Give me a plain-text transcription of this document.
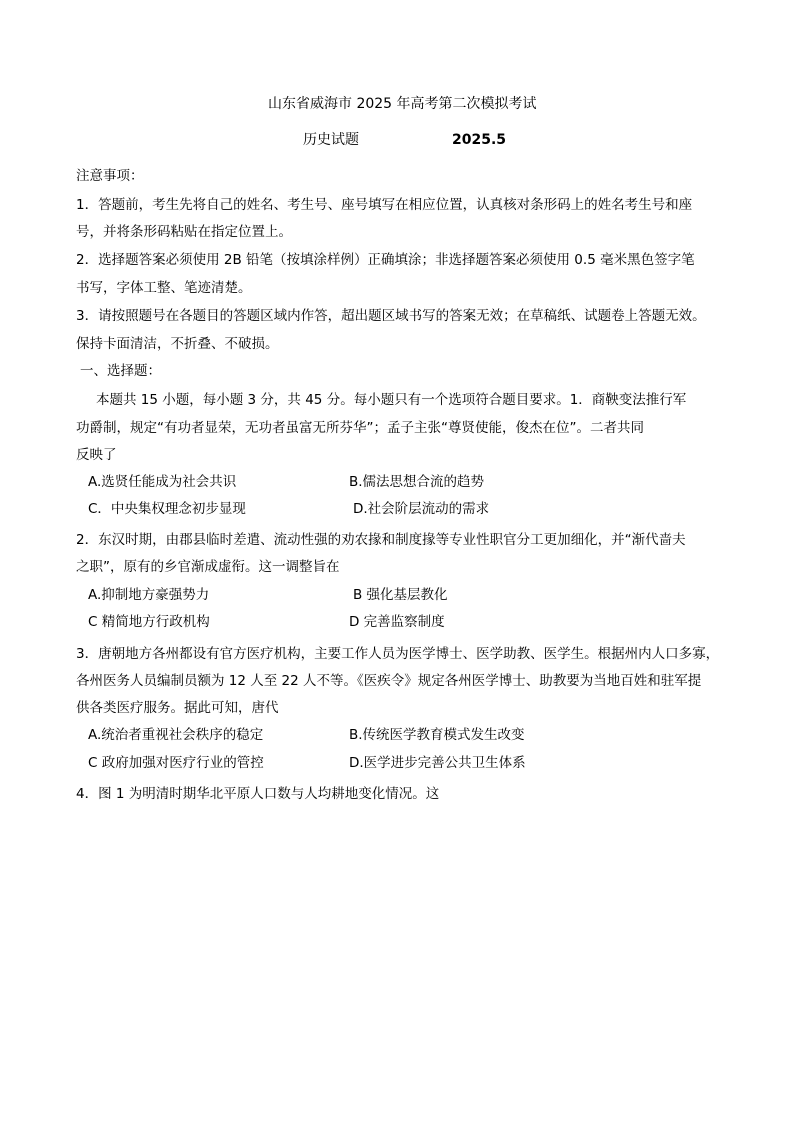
山东省威海市 2025 年高考第二次模拟考试
历史试题	2025.5
注意事项：
1．答题前，考生先将自己的姓名、考生号、座号填写在相应位置，认真核对条形码上的姓名考生号和座
号，并将条形码粘贴在指定位置上。
2．选择题答案必须使用 2B 铅笔（按填涂样例）正确填涂；非选择题答案必须使用 0.5 毫米黑色签字笔
书写，字体工整、笔迹清楚。
3．请按照题号在各题目的答题区域内作答，超出题区域书写的答案无效；在草稿纸、试题卷上答题无效。
保持卡面清洁，不折叠、不破损。
一、选择题：
本题共 15 小题，每小题 3 分，共 45 分。每小题只有一个选项符合题目要求。1．商鞅变法推行军
功爵制，规定“有功者显荣，无功者虽富无所芬华”；孟子主张“尊贤使能，俊杰在位”。二者共同
反映了
A.选贤任能成为社会共识	B.儒法思想合流的趋势
C．中央集权理念初步显现	D.社会阶层流动的需求
2．东汉时期，由郡县临时差遣、流动性强的劝农掾和制度掾等专业性职官分工更加细化，并“渐代啬夫
之职”，原有的乡官渐成虚衔。这一调整旨在
A.抑制地方豪强势力	B 强化基层教化
C 精简地方行政机构	D 完善监察制度
3．唐朝地方各州都设有官方医疗机构，主要工作人员为医学博士、医学助教、医学生。根据州内人口多寡，
各州医务人员编制员额为 12 人至 22 人不等。《医疾令》规定各州医学博士、助教要为当地百姓和驻军提
供各类医疗服务。据此可知，唐代
A.统治者重视社会秩序的稳定	B.传统医学教育模式发生改变
C 政府加强对医疗行业的管控	D.医学进步完善公共卫生体系
4．图 1 为明清时期华北平原人口数与人均耕地变化情况。这
